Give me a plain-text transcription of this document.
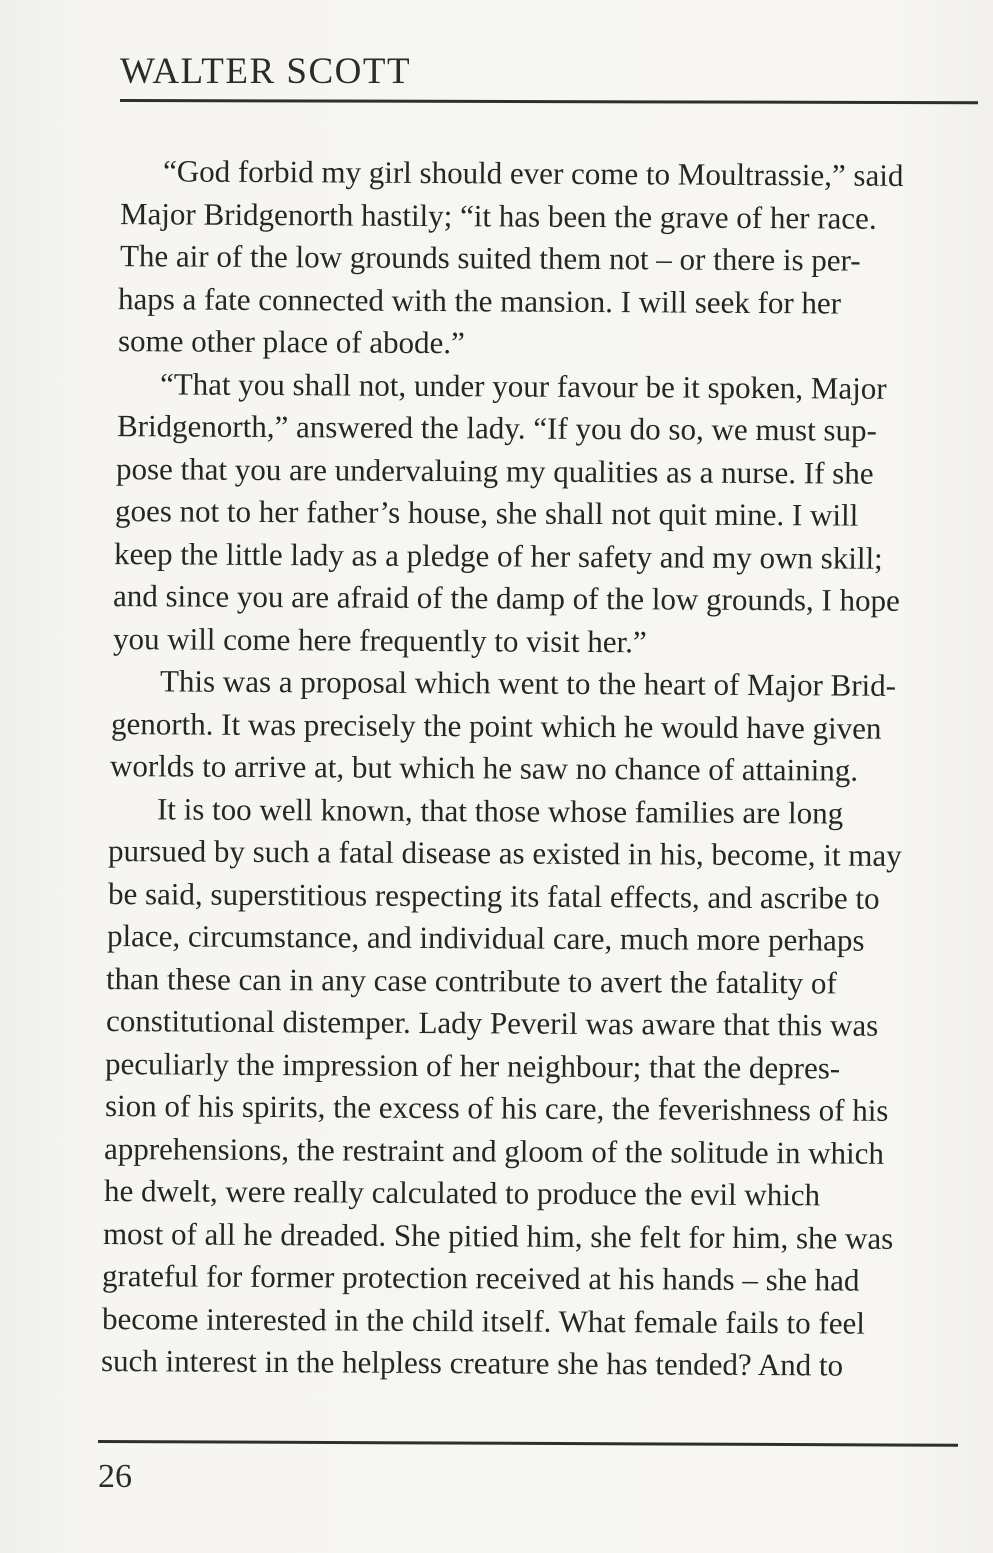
WALTER SCOTT
“God forbid my girl should ever come to Moultrassie,” said
Major Bridgenorth hastily; “it has been the grave of her race.
The air of the low grounds suited them not – or there is per-
haps a fate connected with the mansion. I will seek for her
some other place of abode.”
“That you shall not, under your favour be it spoken, Major
Bridgenorth,” answered the lady. “If you do so, we must sup-
pose that you are undervaluing my qualities as a nurse. If she
goes not to her father’s house, she shall not quit mine. I will
keep the little lady as a pledge of her safety and my own skill;
and since you are afraid of the damp of the low grounds, I hope
you will come here frequently to visit her.”
This was a proposal which went to the heart of Major Brid-
genorth. It was precisely the point which he would have given
worlds to arrive at, but which he saw no chance of attaining.
It is too well known, that those whose families are long
pursued by such a fatal disease as existed in his, become, it may
be said, superstitious respecting its fatal effects, and ascribe to
place, circumstance, and individual care, much more perhaps
than these can in any case contribute to avert the fatality of
constitutional distemper. Lady Peveril was aware that this was
peculiarly the impression of her neighbour; that the depres-
sion of his spirits, the excess of his care, the feverishness of his
apprehensions, the restraint and gloom of the solitude in which
he dwelt, were really calculated to produce the evil which
most of all he dreaded. She pitied him, she felt for him, she was
grateful for former protection received at his hands – she had
become interested in the child itself. What female fails to feel
such interest in the helpless creature she has tended? And to

26
